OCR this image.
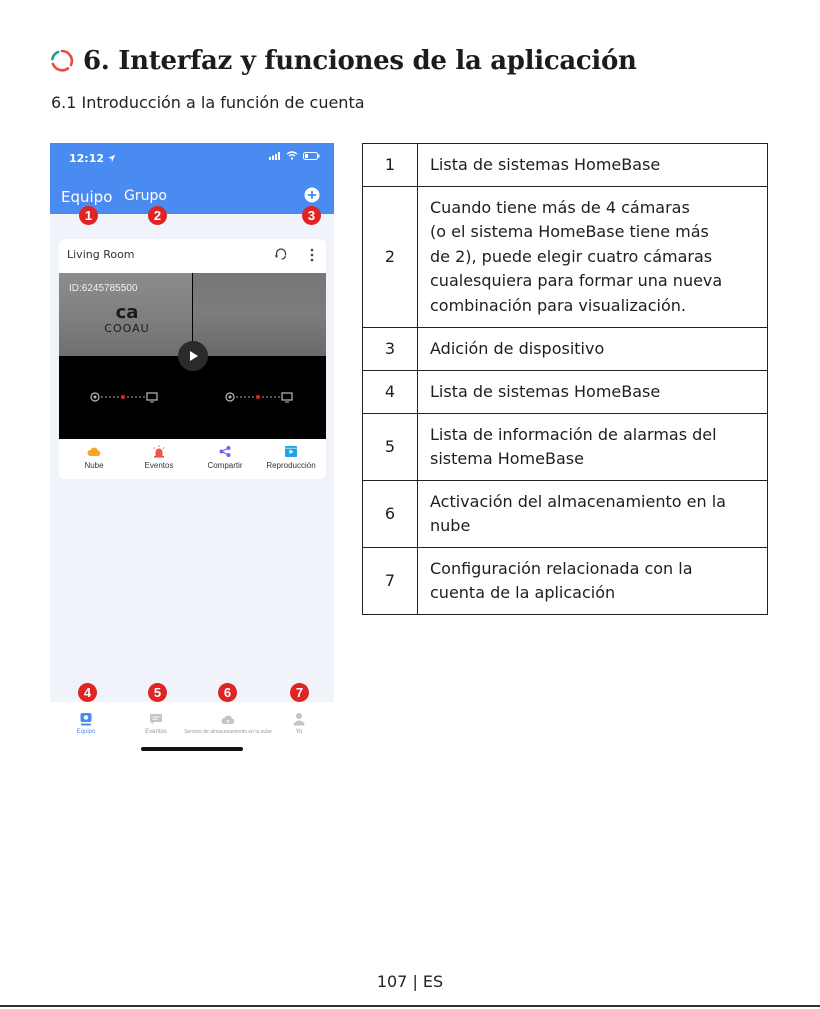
6. Interfaz y funciones de la aplicación
6.1 Introducción a la función de cuenta
12:12
Equipo Grupo
1	2	3
Living Room
ID:6245785500
ca
COOAU
Nube	Eventos	Compartir	Reproducción
4	5	6	7
Equipo	Eventos	Servicio de almacenamiento en la nube	Yo
1	Lista de sistemas HomeBase

2	Cuando tiene más de 4 cámaras
(o el sistema HomeBase tiene más
de 2), puede elegir cuatro cámaras
cualesquiera para formar una nueva
combinación para visualización.

3	Adición de dispositivo

4	Lista de sistemas HomeBase

5	Lista de información de alarmas del
sistema HomeBase

6	Activación del almacenamiento en la
nube

7	Configuración relacionada con la
cuenta de la aplicación
107 | ES
